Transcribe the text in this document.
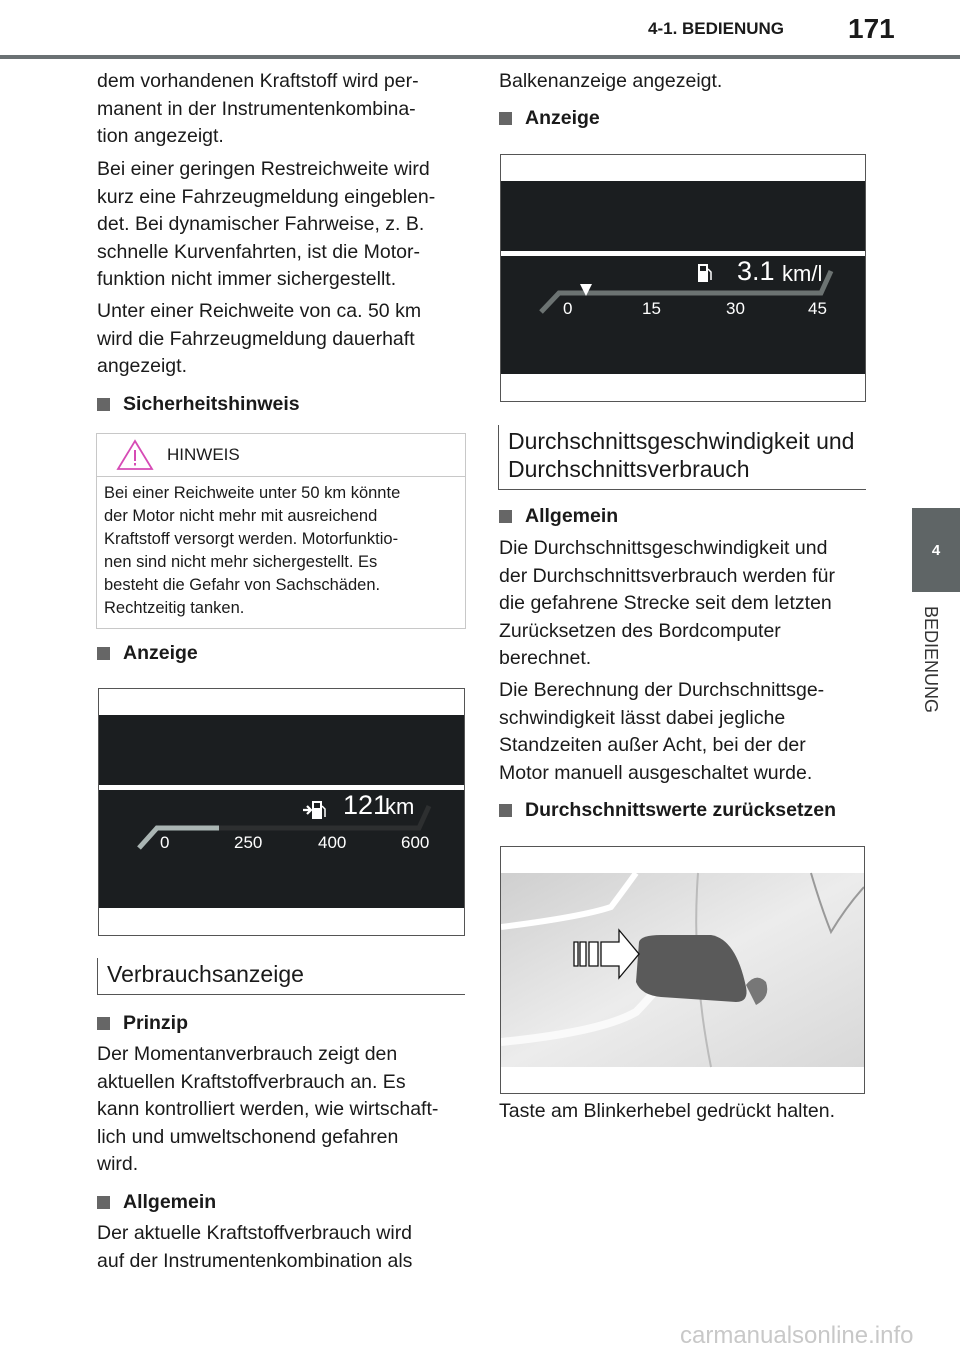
4-1. BEDIENUNG 171
4
BEDIENUNG

dem vorhandenen Kraftstoff wird per-
manent in der Instrumentenkombina-
tion angezeigt.

Bei einer geringen Restreichweite wird
kurz eine Fahrzeugmeldung eingeblen-
det. Bei dynamischer Fahrweise, z. B.
schnelle Kurvenfahrten, ist die Motor-
funktion nicht immer sichergestellt.

Unter einer Reichweite von ca. 50 km
wird die Fahrzeugmeldung dauerhaft
angezeigt.

Sicherheitshinweis
HINWEIS
Bei einer Reichweite unter 50 km könnte
der Motor nicht mehr mit ausreichend
Kraftstoff versorgt werden. Motorfunktio-
nen sind nicht mehr sichergestellt. Es
besteht die Gefahr von Sachschäden.
Rechtzeitig tanken.
Anzeige
121
km
0	250	400	600
Verbrauchsanzeige
Prinzip

Der Momentanverbrauch zeigt den
aktuellen Kraftstoffverbrauch an. Es
kann kontrolliert werden, wie wirtschaft-
lich und umweltschonend gefahren
wird.

Allgemein

Der aktuelle Kraftstoffverbrauch wird
auf der Instrumentenkombination als

Balkenanzeige angezeigt.

Anzeige
3.1 km/l
0	15	30	45
Durchschnittsgeschwindigkeit und
Durchschnittsverbrauch
Allgemein

Die Durchschnittsgeschwindigkeit und
der Durchschnittsverbrauch werden für
die gefahrene Strecke seit dem letzten
Zurücksetzen des Bordcomputer
berechnet.

Die Berechnung der Durchschnittsge-
schwindigkeit lässt dabei jegliche
Standzeiten außer Acht, bei der der
Motor manuell ausgeschaltet wurde.

Durchschnittswerte zurücksetzen

Taste am Blinkerhebel gedrückt halten.

carmanualsonline.info
